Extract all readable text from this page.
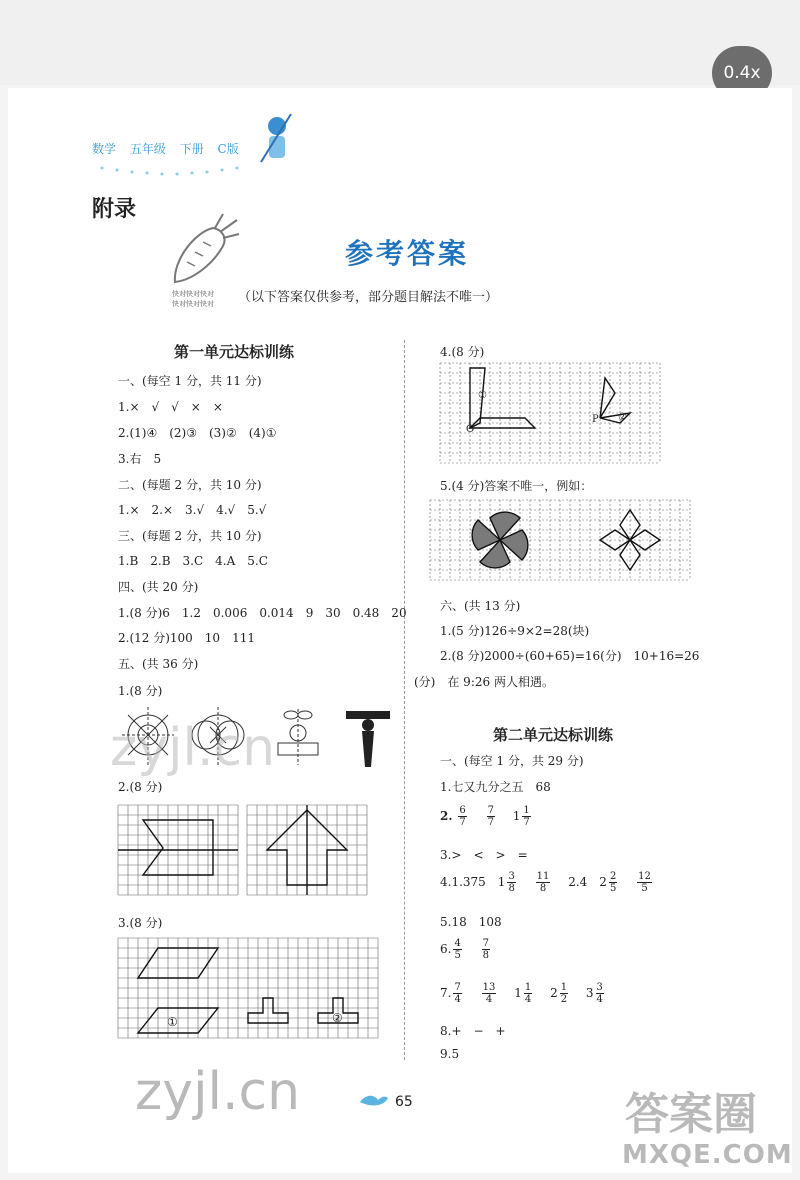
0.4x
数学 五年级 下册 C版
附录
快对快对快对
快对快对快对
参考答案
（以下答案仅供参考，部分题目解法不唯一）
第一单元达标训练
一、(每空 1 分，共 11 分)
1.×　√　√　×　×
2.(1)④　(2)③　(3)②　(4)①
3.右　5
二、(每题 2 分，共 10 分)
1.×　2.×　3.√　4.√　5.√
三、(每题 2 分，共 10 分)
1.B　2.B　3.C　4.A　5.C
四、(共 20 分)
1.(8 分)6　1.2　0.006　0.014　9　30　0.48　20
2.(12 分)100　10　111
五、(共 36 分)
1.(8 分)
2.(8 分)
3.(8 分)
①	②
4.(8 分)
①
O
P ②
5.(4 分)答案不唯一，例如：
六、(共 13 分)
1.(5 分)126÷9×2=28(块)
2.(8 分)2000÷(60+65)=16(分)　10+16=26
(分)　在 9:26 两人相遇。
第二单元达标训练
一、(每空 1 分，共 29 分)
1.七又九分之五　68
2. $\frac{6}{7}$
　 $\frac{7}{7}$
　 $1 \frac{1}{7}$
3.>　<　>　=
4.1.375　$1 \frac{3}{8}$
　 $\frac{11}{8}$
　 2.4　$2 \frac{2}{5}$
　 $\frac{12}{5}$
5.18　108
6. $\frac{4}{5}$
　 $\frac{7}{8}$
7. $\frac{7}{4}$
　 $\frac{13}{4}$
　 $1 \frac{1}{4}$
　 $2 \frac{1}{2}$
　 $3 \frac{3}{4}$
8.+　−　+
9.5
65
zyjl.cn
zyjl.cn	答案圈
MXQE.COM
